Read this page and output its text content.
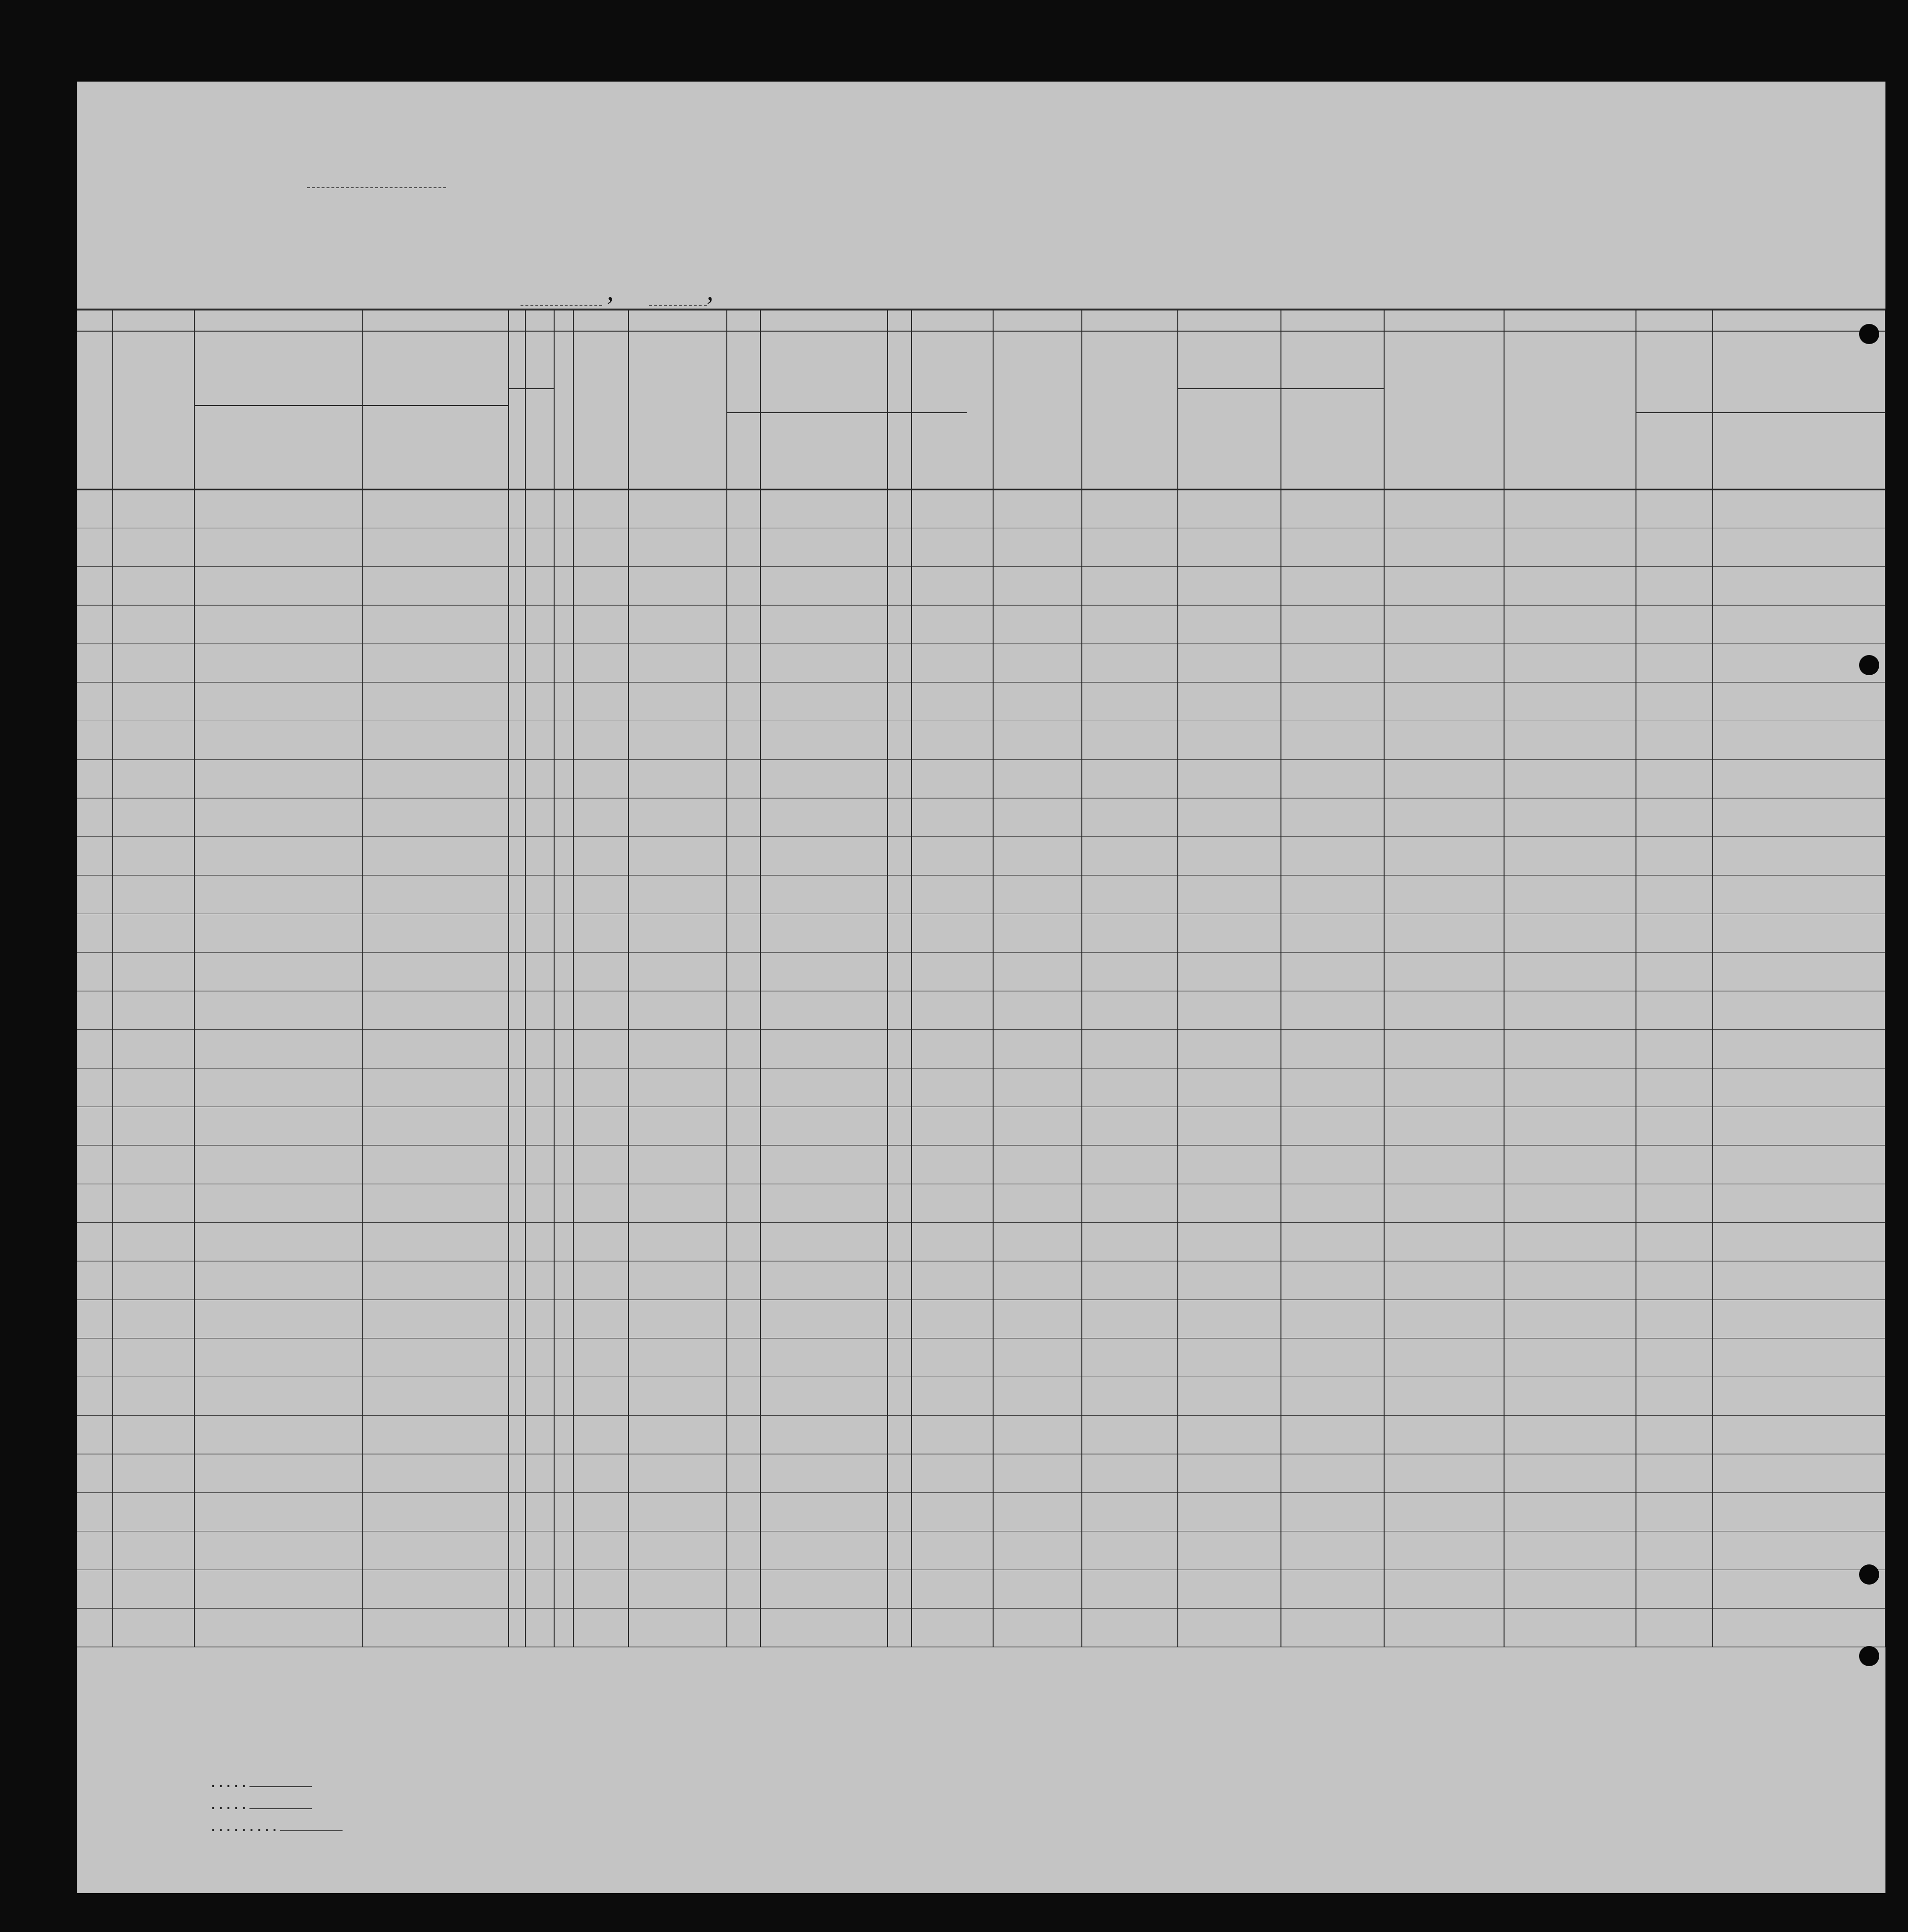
,	,
. . . . .
. . . . .
. . . . . . . . .
